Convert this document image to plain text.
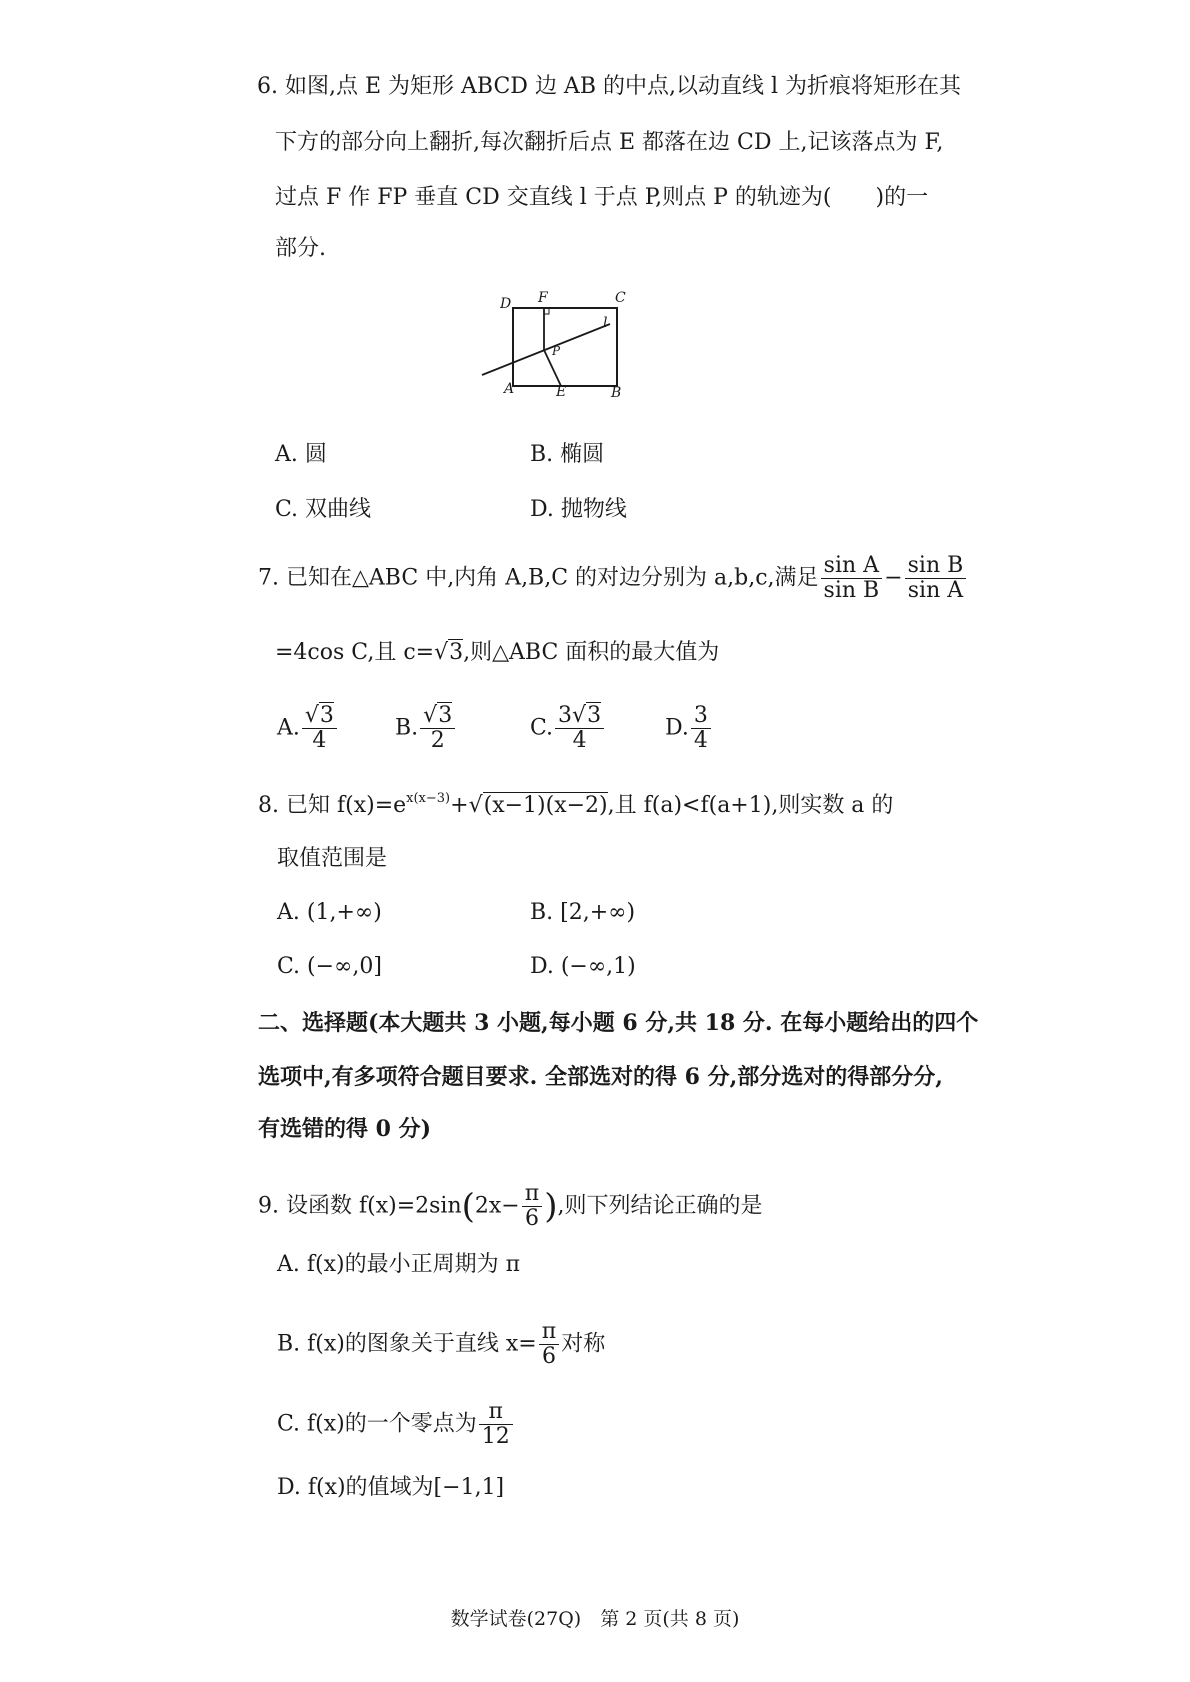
6. 如图,点 E 为矩形 ABCD 边 AB 的中点,以动直线 l 为折痕将矩形在其
下方的部分向上翻折,每次翻折后点 E 都落在边 CD 上,记该落点为 F,
过点 F 作 FP 垂直 CD 交直线 l 于点 P,则点 P 的轨迹为(　　)的一
部分.
D F	C
l
P
A	E	B
A. 圆	B. 椭圆
C. 双曲线	D. 抛物线
7. 已知在△ABC 中,内角 A,B,C 的对边分别为 a,b,c,满足 $\frac{\text{sin A}}{\text{sin B}} - \frac{\text{sin B}}{\text{sin A}}$
=4cos C,且 c=√3,则△ABC 面积的最大值为
A. $\frac{√3}{4}$	B. $\frac{√3}{2}$	C. $\frac{3√3}{4}$	D. $\frac{3}{4}$
8. 已知 $f(x)=e^{x(x-3)}+√(x-1)(x-2)$,且 f(a)<f(a+1),则实数 a 的
取值范围是
A. (1,+∞)	B. [2,+∞)
C. (−∞,0]	D. (−∞,1)
二、选择题(本大题共 3 小题,每小题 6 分,共 18 分. 在每小题给出的四个
选项中,有多项符合题目要求. 全部选对的得 6 分,部分选对的得部分分,
有选错的得 0 分)
9. 设函数 $f(x)=2\sin(2x- \frac{\pi}{6}$ ),则下列结论正确的是
A. f(x)的最小正周期为 π
B. f(x)的图象关于直线 $x= \frac{\pi}{6}$ 对称
C. f(x)的一个零点为 $\frac{\pi}{12}$
D. f(x)的值域为[−1,1]
数学试卷(27Q)　第 2 页(共 8 页)
